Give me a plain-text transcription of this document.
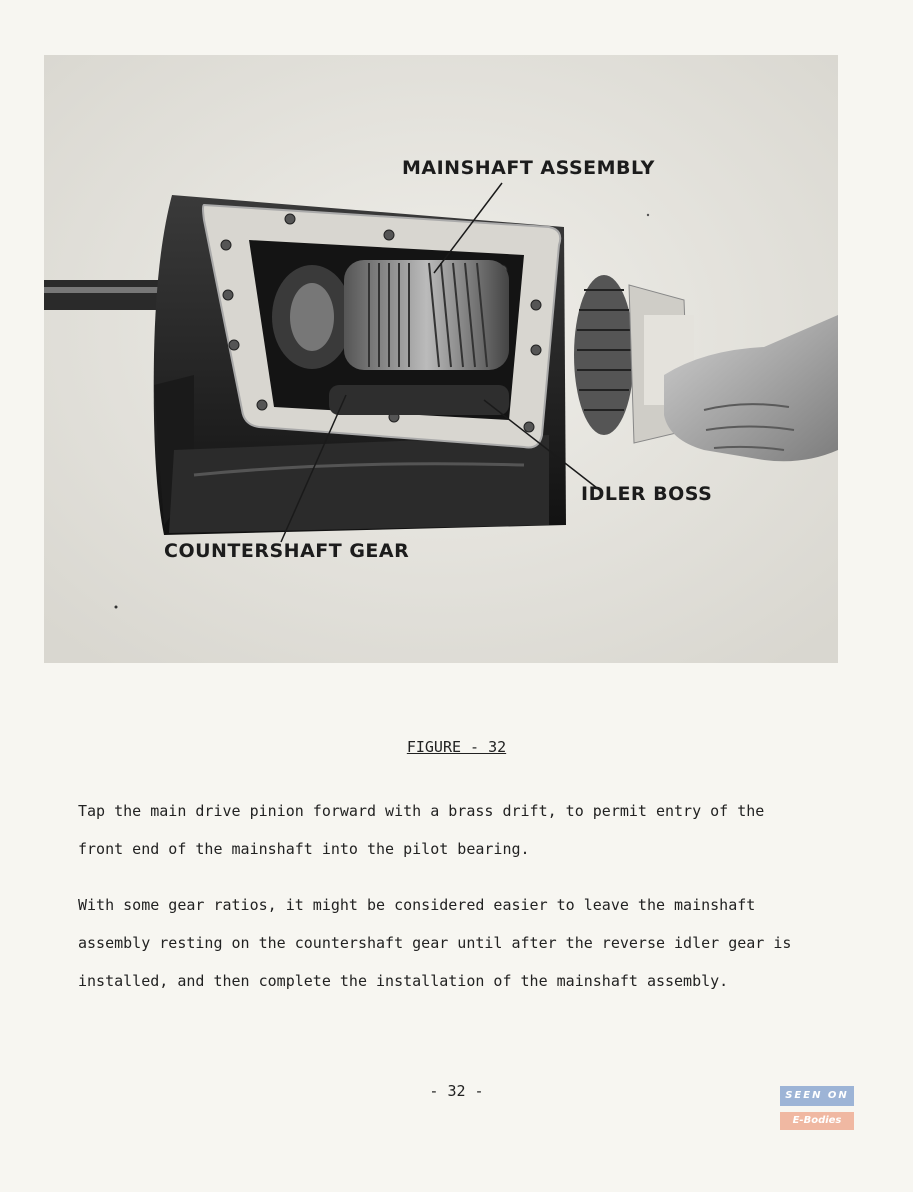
MAINSHAFT ASSEMBLY
IDLER BOSS
COUNTERSHAFT GEAR
FIGURE - 32

Tap the main drive pinion forward with a brass drift, to permit entry of the front end of the mainshaft into the pilot bearing.

With some gear ratios, it might be considered easier to leave the mainshaft assembly resting on the countershaft gear until after the reverse idler gear is installed, and then complete the installation of the mainshaft assembly.

- 32 -	SEEN ON
E-Bodies
